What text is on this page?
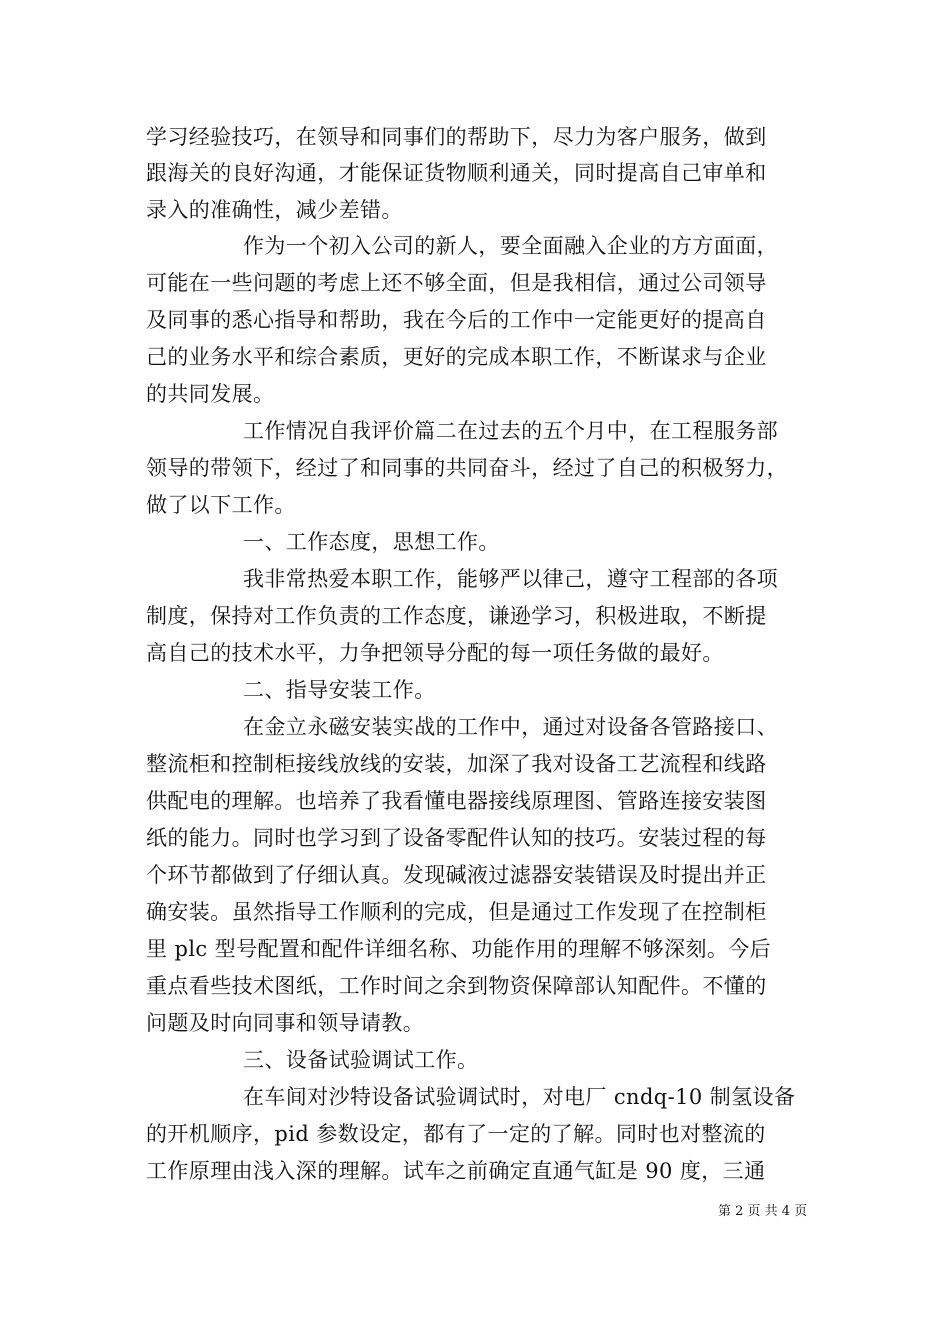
学习经验技巧，在领导和同事们的帮助下，尽力为客户服务，做到
跟海关的良好沟通，才能保证货物顺利通关，同时提高自己审单和
录入的准确性，减少差错。
作为一个初入公司的新人，要全面融入企业的方方面面，
可能在一些问题的考虑上还不够全面，但是我相信，通过公司领导
及同事的悉心指导和帮助，我在今后的工作中一定能更好的提高自
己的业务水平和综合素质，更好的完成本职工作，不断谋求与企业
的共同发展。
工作情况自我评价篇二在过去的五个月中，在工程服务部
领导的带领下，经过了和同事的共同奋斗，经过了自己的积极努力，
做了以下工作。
一、工作态度，思想工作。
我非常热爱本职工作，能够严以律己，遵守工程部的各项
制度，保持对工作负责的工作态度，谦逊学习，积极进取，不断提
高自己的技术水平，力争把领导分配的每一项任务做的最好。
二、指导安装工作。
在金立永磁安装实战的工作中，通过对设备各管路接口、
整流柜和控制柜接线放线的安装，加深了我对设备工艺流程和线路
供配电的理解。也培养了我看懂电器接线原理图、管路连接安装图
纸的能力。同时也学习到了设备零配件认知的技巧。安装过程的每
个环节都做到了仔细认真。发现碱液过滤器安装错误及时提出并正
确安装。虽然指导工作顺利的完成，但是通过工作发现了在控制柜
里 plc 型号配置和配件详细名称、功能作用的理解不够深刻。今后
重点看些技术图纸，工作时间之余到物资保障部认知配件。不懂的
问题及时向同事和领导请教。
三、设备试验调试工作。
在车间对沙特设备试验调试时，对电厂 cndq-10 制氢设备
的开机顺序，pid 参数设定，都有了一定的了解。同时也对整流的
工作原理由浅入深的理解。试车之前确定直通气缸是 90 度，三通
第 2 页 共 4 页
